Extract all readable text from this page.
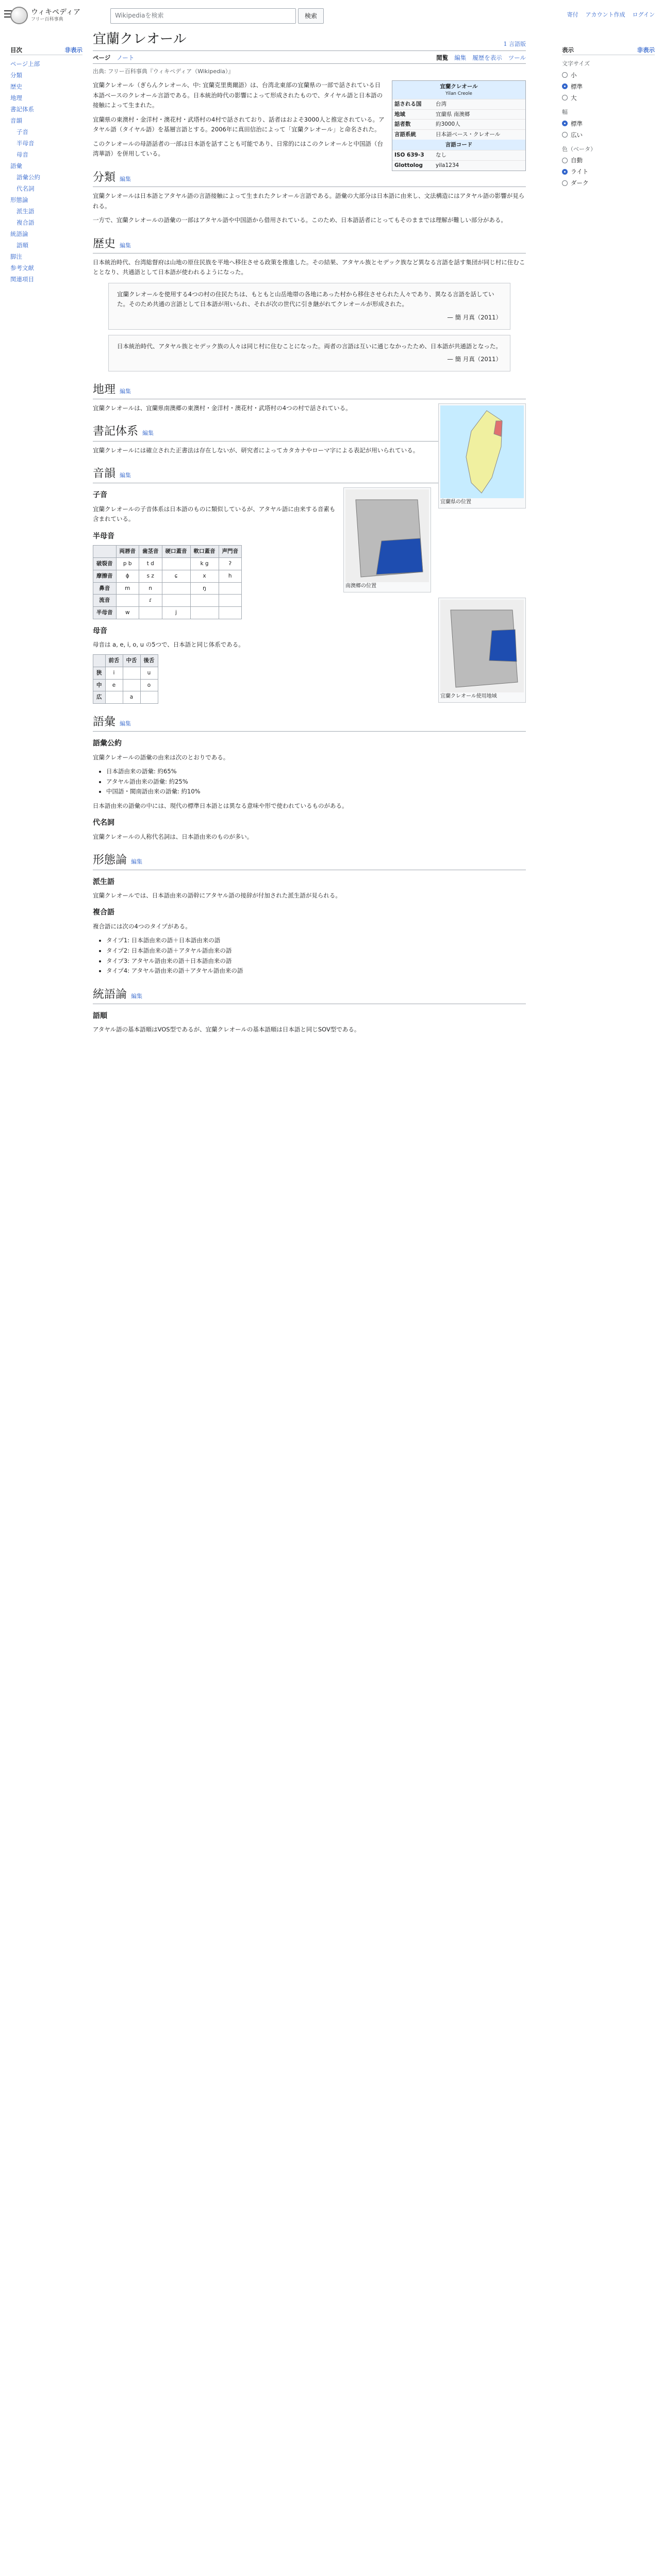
ウィキペディア
フリー百科事典
Wikipediaを検索	検索	寄付 アカウント作成 ログイン
目次	非表示
ページ上部
分類
歴史
地理
書記体系
音韻
子音
半母音
母音
語彙
語彙公約
代名詞
形態論
派生語
複合語
統語論
語順
脚注
参考文献
関連項目
宜蘭クレオール	1 言語版
ページ ノート	閲覧 編集 履歴を表示 ツール
出典: フリー百科事典『ウィキペディア（Wikipedia）』
宜蘭クレオール
Yilan Creole
話される国	台湾
地域	宜蘭県 南澳郷
話者数	約3000人
言語系統	日本語ベース・クレオール
言語コード
ISO 639-3	なし
Glottolog	yila1234

宜蘭クレオール（ぎらんクレオール、中: 宜蘭克里奧爾語）は、台湾北東部の宜蘭県の一部で話されている日本語ベースのクレオール言語である。日本統治時代の影響によって形成されたもので、タイヤル語と日本語の接触によって生まれた。

宜蘭県の東澳村・金洋村・澳花村・武塔村の4村で話されており、話者はおよそ3000人と推定されている。アタヤル語（タイヤル語）を基層言語とする。2006年に真田信治によって「宜蘭クレオール」と命名された。

このクレオールの母語話者の一部は日本語を話すことも可能であり、日常的にはこのクレオールと中国語（台湾華語）を併用している。

分類 編集

宜蘭クレオールは日本語とアタヤル語の言語接触によって生まれたクレオール言語である。語彙の大部分は日本語に由来し、文法構造にはアタヤル語の影響が見られる。

一方で、宜蘭クレオールの語彙の一部はアタヤル語や中国語から借用されている。このため、日本語話者にとってもそのままでは理解が難しい部分がある。

歴史 編集

日本統治時代、台湾総督府は山地の原住民族を平地へ移住させる政策を推進した。その結果、アタヤル族とセデック族など異なる言語を話す集団が同じ村に住むこととなり、共通語として日本語が使われるようになった。

宜蘭クレオールを使用する4つの村の住民たちは、もともと山岳地帯の各地にあった村から移住させられた人々であり、異なる言語を話していた。そのため共通の言語として日本語が用いられ、それが次の世代に引き継がれてクレオールが形成された。
— 簡 月真（2011）
日本統治時代、アタヤル族とセデック族の人々は同じ村に住むことになった。両者の言語は互いに通じなかったため、日本語が共通語となった。
— 簡 月真（2011）
地理 編集
宜蘭県の位置

宜蘭クレオールは、宜蘭県南澳郷の東澳村・金洋村・澳花村・武塔村の4つの村で話されている。

書記体系 編集

宜蘭クレオールには確立された正書法は存在しないが、研究者によってカタカナやローマ字による表記が用いられている。

音韻 編集
南澳郷の位置
子音

宜蘭クレオールの子音体系は日本語のものに類似しているが、アタヤル語に由来する音素も含まれている。

宜蘭クレオール使用地域
半母音
	両唇音	歯茎音	硬口蓋音	軟口蓋音	声門音
破裂音	p b	t d		k g	ʔ
摩擦音	ɸ	s z	ɕ	x	h
鼻音	m	n		ŋ	
流音		ɾ			
半母音	w		j		
母音

母音は a, e, i, o, u の5つで、日本語と同じ体系である。

	前舌	中舌	後舌
狭	i		u
中	e		o
広		a	
語彙 編集
語彙公約

宜蘭クレオールの語彙の由来は次のとおりである。

• 日本語由来の語彙: 約65%
• アタヤル語由来の語彙: 約25%
• 中国語・閩南語由来の語彙: 約10%

日本語由来の語彙の中には、現代の標準日本語とは異なる意味や形で使われているものがある。

代名詞

宜蘭クレオールの人称代名詞は、日本語由来のものが多い。

形態論 編集
派生語

宜蘭クレオールでは、日本語由来の語幹にアタヤル語の接辞が付加された派生語が見られる。

複合語

複合語には次の4つのタイプがある。

• タイプ1: 日本語由来の語＋日本語由来の語
• タイプ2: 日本語由来の語＋アタヤル語由来の語
• タイプ3: アタヤル語由来の語＋日本語由来の語
• タイプ4: アタヤル語由来の語＋アタヤル語由来の語
統語論 編集
語順

アタヤル語の基本語順はVOS型であるが、宜蘭クレオールの基本語順は日本語と同じSOV型である。

表示	非表示
文字サイズ
小
標準
大
幅
標準
広い
色（ベータ）
自動
ライト
ダーク
